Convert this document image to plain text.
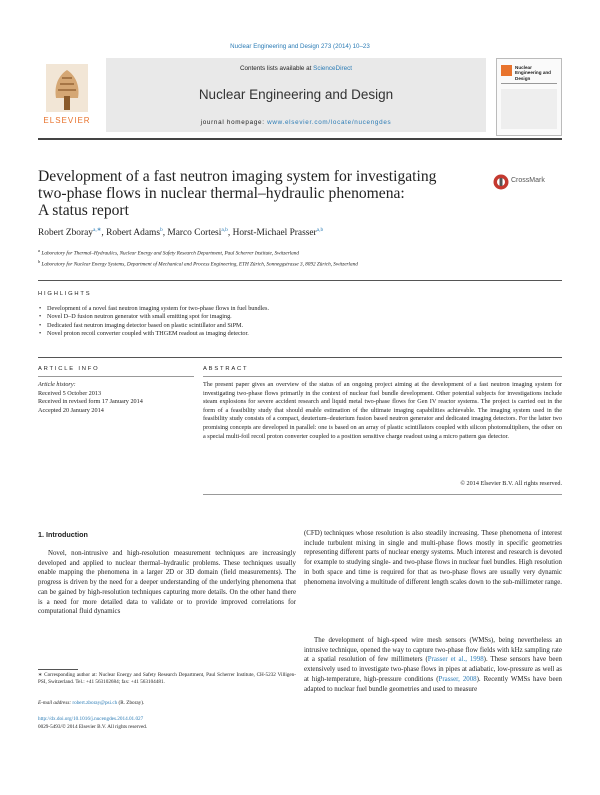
Nuclear Engineering and Design 273 (2014) 10–23
ELSEVIER
Contents lists available at ScienceDirect
Nuclear Engineering and Design
journal homepage: www.elsevier.com/locate/nucengdes
Nuclear Engineering and Design
Development of a fast neutron imaging system for investigating
two-phase flows in nuclear thermal–hydraulic phenomena:
A status report
CrossMark
Robert Zboray$^{a,∗}$, Robert Adams$^b$, Marco Cortesi$^{a,b}$, Horst-Michael Prasser$^{a,b}$
$^a$ Laboratory for Thermal–Hydraulics, Nuclear Energy and Safety Research Department, Paul Scherrer Institute, Switzerland
$^b$ Laboratory for Nuclear Energy Systems, Department of Mechanical and Process Engineering, ETH Zürich, Sonneggstrasse 3, 8092 Zürich, Switzerland
HIGHLIGHTS
• Development of a novel fast neutron imaging system for two-phase flows in fuel bundles.
• Novel D–D fusion neutron generator with small emitting spot for imaging.
• Dedicated fast neutron imaging detector based on plastic scintillator and SiPM.
• Novel proton recoil converter coupled with THGEM readout as imaging detector.
ARTICLE INFO
Article history:
Received 5 October 2013
Received in revised form 17 January 2014
Accepted 20 January 2014
ABSTRACT
The present paper gives an overview of the status of an ongoing project aiming at the development of a fast neutron imaging system for investigating two-phase flows primarily in the context of nuclear fuel bundle development. Other potential subjects for investigations include steam explosions for severe accident research and liquid metal two-phase flows for Gen IV reactor systems. The project is carried out in the form of a feasibility study that should enable estimation of the ultimate imaging capabilities achievable. The imaging system used in the feasibility study consists of a compact, deuterium–deuterium fusion based neutron generator and dedicated imaging detectors. For the latter two promising concepts are developed in parallel: one is based on an array of plastic scintillators coupled with silicon photomultipliers, the other on a special multi-foil recoil proton converter coupled to a position sensitive charge readout using a micro pattern gas detector.
© 2014 Elsevier B.V. All rights reserved.
1. Introduction
Novel, non-intrusive and high-resolution measurement techniques are increasingly developed and applied to nuclear thermal–hydraulic problems. These techniques usually enable mapping the phenomena in a larger 2D or 3D domain (field measurements). The progress is driven by the need for a deeper understanding of the underlying phenomena that can be gained by high-resolution techniques capturing more details. On the other hand there is a need for more detailed data to validate or to provide improved correlations for computational fluid dynamics
(CFD) techniques whose resolution is also steadily increasing. These phenomena of interest include turbulent mixing in single and multi-phase flows mostly in specific geometries representing different parts of nuclear energy systems. Much interest and research is devoted for example to studying single- and two-phase flows in nuclear fuel bundles. High resolution in both space and time is required for that as two-phase flows are usually very dynamic phenomena involving a multitude of different length scales down to the sub-millimeter range.
The development of high-speed wire mesh sensors (WMSs), being nevertheless an intrusive technique, opened the way to capture two-phase flow fields with kHz sampling rate at a spatial resolution of few millimeters (Prasser et al., 1998). These sensors have been extensively used to investigate two-phase flows in pipes at adiabatic, low-pressure as well as at high-temperature, high-pressure conditions (Prasser, 2008). Recently WMSs have been adapted to nuclear fuel bundle geometries and used to measure
∗ Corresponding author at: Nuclear Energy and Safety Research Department, Paul Scherrer Institute, CH-5232 Villigen-PSI, Switzerland. Tel.: +41 563102684; fax: +41 563104481.
E-mail address: robert.zboray@psi.ch (R. Zboray).
http://dx.doi.org/10.1016/j.nucengdes.2014.01.027
0029-5493/© 2014 Elsevier B.V. All rights reserved.
